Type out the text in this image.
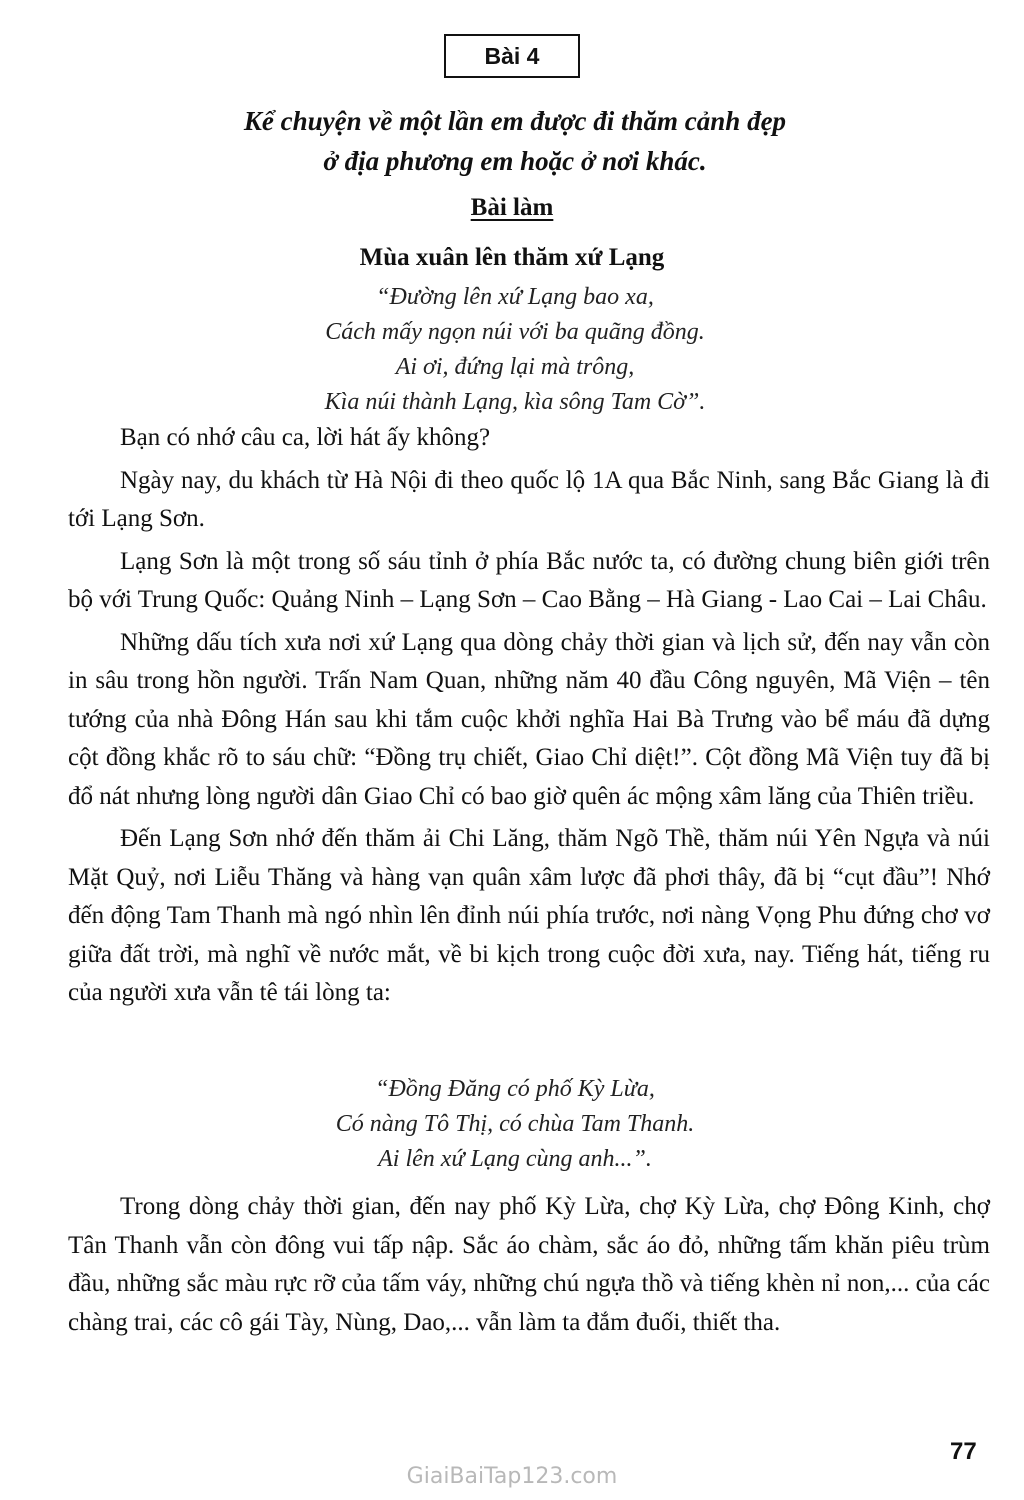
Bài 4
Kể chuyện về một lần em được đi thăm cảnh đẹp
ở địa phương em hoặc ở nơi khác.
Bài làm
Mùa xuân lên thăm xứ Lạng
“Đường lên xứ Lạng bao xa,
Cách mấy ngọn núi với ba quãng đồng.
Ai ơi, đứng lại mà trông,
Kìa núi thành Lạng, kìa sông Tam Cờ”.

Bạn có nhớ câu ca, lời hát ấy không?

Ngày nay, du khách từ Hà Nội đi theo quốc lộ 1A qua Bắc Ninh, sang Bắc Giang là đi tới Lạng Sơn.

Lạng Sơn là một trong số sáu tỉnh ở phía Bắc nước ta, có đường chung biên giới trên bộ với Trung Quốc: Quảng Ninh – Lạng Sơn – Cao Bằng – Hà Giang - Lao Cai – Lai Châu.

Những dấu tích xưa nơi xứ Lạng qua dòng chảy thời gian và lịch sử, đến nay vẫn còn in sâu trong hồn người. Trấn Nam Quan, những năm 40 đầu Công nguyên, Mã Viện – tên tướng của nhà Đông Hán sau khi tắm cuộc khởi nghĩa Hai Bà Trưng vào bể máu đã dựng cột đồng khắc rõ to sáu chữ: “Đồng trụ chiết, Giao Chỉ diệt!”. Cột đồng Mã Viện tuy đã bị đổ nát nhưng lòng người dân Giao Chỉ có bao giờ quên ác mộng xâm lăng của Thiên triều.

Đến Lạng Sơn nhớ đến thăm ải Chi Lăng, thăm Ngõ Thề, thăm núi Yên Ngựa và núi Mặt Quỷ, nơi Liễu Thăng và hàng vạn quân xâm lược đã phơi thây, đã bị “cụt đầu”! Nhớ đến động Tam Thanh mà ngó nhìn lên đỉnh núi phía trước, nơi nàng Vọng Phu đứng chơ vơ giữa đất trời, mà nghĩ về nước mắt, về bi kịch trong cuộc đời xưa, nay. Tiếng hát, tiếng ru của người xưa vẫn tê tái lòng ta:

“Đồng Đăng có phố Kỳ Lừa,
Có nàng Tô Thị, có chùa Tam Thanh.
Ai lên xứ Lạng cùng anh...”.

Trong dòng chảy thời gian, đến nay phố Kỳ Lừa, chợ Kỳ Lừa, chợ Đông Kinh, chợ Tân Thanh vẫn còn đông vui tấp nập. Sắc áo chàm, sắc áo đỏ, những tấm khăn piêu trùm đầu, những sắc màu rực rỡ của tấm váy, những chú ngựa thồ và tiếng khèn nỉ non,... của các chàng trai, các cô gái Tày, Nùng, Dao,... vẫn làm ta đắm đuối, thiết tha.

77
GiaiBaiTap123.com
